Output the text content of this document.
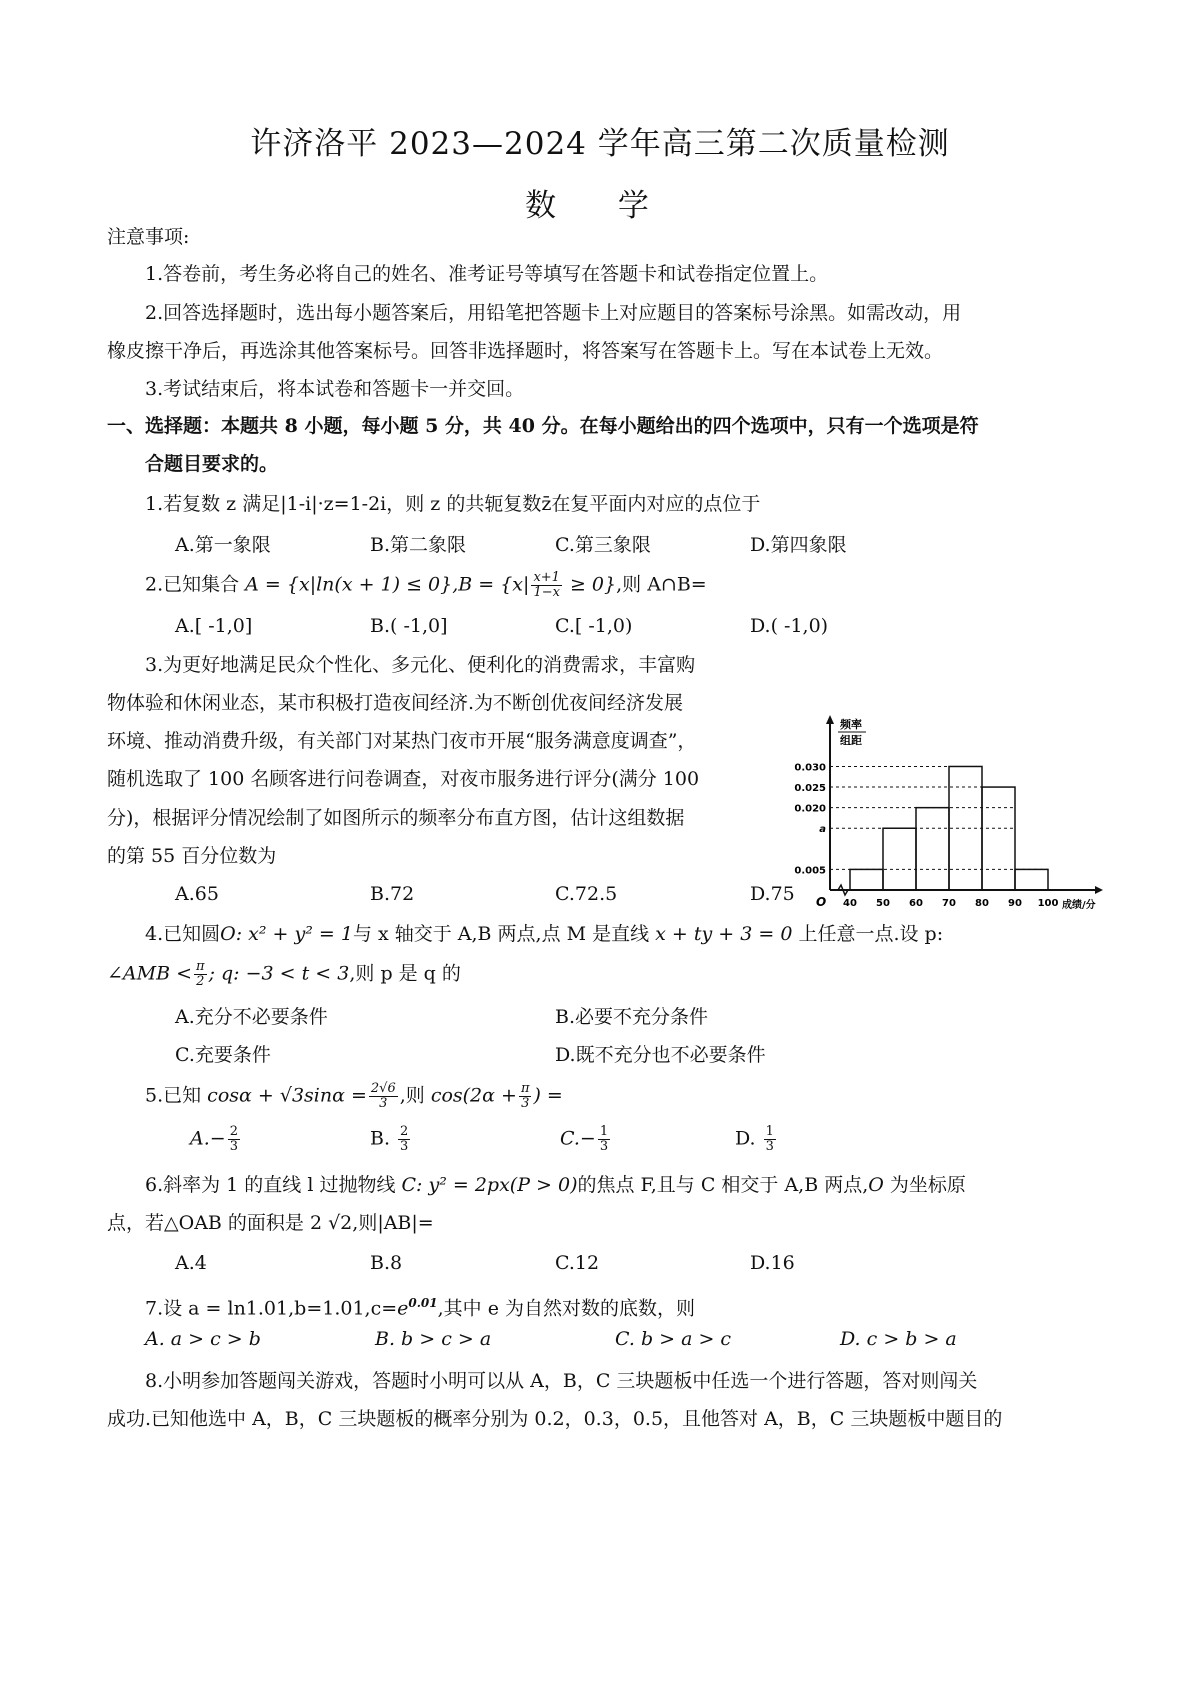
许济洛平 2023—2024 学年高三第二次质量检测
数 学
注意事项:
1.答卷前，考生务必将自己的姓名、准考证号等填写在答题卡和试卷指定位置上。
2.回答选择题时，选出每小题答案后，用铅笔把答题卡上对应题目的答案标号涂黑。如需改动，用
橡皮擦干净后，再选涂其他答案标号。回答非选择题时，将答案写在答题卡上。写在本试卷上无效。
3.考试结束后，将本试卷和答题卡一并交回。
一、选择题：本题共 8 小题，每小题 5 分，共 40 分。在每小题给出的四个选项中，只有一个选项是符
合题目要求的。
1.若复数 z 满足|1-i|·z=1-2i，则 z 的共轭复数z̄在复平面内对应的点位于
A.第一象限	B.第二象限	C.第三象限	D.第四象限
2.已知集合 $A = \{x|\ln(x + 1) \le 0\},B = \{x| \frac{x+1}{1-x} \ge 0\}$,则 A∩B=
A.[ -1,0]	B.( -1,0]	C.[ -1,0)	D.( -1,0)
3.为更好地满足民众个性化、多元化、便利化的消费需求，丰富购
物体验和休闲业态，某市积极打造夜间经济.为不断创优夜间经济发展
环境、推动消费升级，有关部门对某热门夜市开展“服务满意度调查”，
随机选取了 100 名顾客进行问卷调查，对夜市服务进行评分(满分 100
分)，根据评分情况绘制了如图所示的频率分布直方图，估计这组数据
的第 55 百分位数为
频率
组距
O
0.030
0.025
0.020
a
0.005
40 50 60 70 80 90 100 成绩/分
A.65	B.72	C.72.5	D.75
4.已知圆O: x² + y² = 1与 x 轴交于 A,B 两点,点 M 是直线 x + ty + 3 = 0 上任意一点.设 p:
∠AMB < $\frac{\pi}{2}$ ; q: −3 < t < 3,则 p 是 q 的
A.充分不必要条件	B.必要不充分条件
C.充要条件	D.既不充分也不必要条件
5.已知 $\cos\alpha + √3\sin\alpha = \frac{2√6}{3}$ ,则 $\cos(2\alpha + \frac{\pi}{3}$ ) =
$A.- \frac{2}{3}$	B. $\frac{2}{3}$	$C.- \frac{1}{3}$	D. $\frac{1}{3}$
6.斜率为 1 的直线 l 过抛物线 C: y² = 2px(P > 0)的焦点 F,且与 C 相交于 A,B 两点,O 为坐标原
点，若△OAB 的面积是 2 √2,则|AB|=
A.4	B.8	C.12	D.16
7.设 $a = \ln 1.01,b=1.01,c=e^{0.01}$,其中 e 为自然对数的底数，则
A. a > c > b	B. b > c > a	C. b > a > c	D. c > b > a
8.小明参加答题闯关游戏，答题时小明可以从 A，B，C 三块题板中任选一个进行答题，答对则闯关
成功.已知他选中 A，B，C 三块题板的概率分别为 0.2，0.3，0.5，且他答对 A，B，C 三块题板中题目的
